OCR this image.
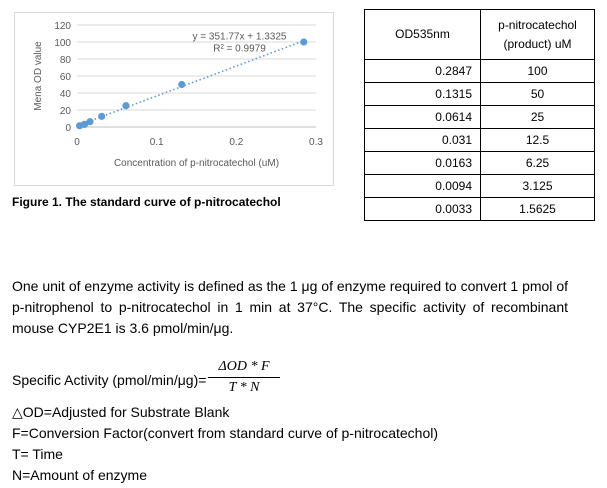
0
20
40
60
80
100
120
0	0.1	0.2	0.3
Concentration of p-nitrocatechol (uM)
Mena OD value
y = 351.77x + 1.3325
R² = 0.9979
Figure 1. The standard curve of p-nitrocatechol
OD535nm	p-nitrocatechol
(product) uM
0.2847	100
0.1315	50
0.0614	25
0.031	12.5
0.0163	6.25
0.0094	3.125
0.0033	1.5625

One unit of enzyme activity is defined as the 1 μg of enzyme required to convert 1 pmol of p-nitrophenol to p-nitrocatechol in 1 min at 37°C. The specific activity of recombinant mouse CYP2E1 is 3.6 pmol/min/μg.

Specific Activity (pmol/min/μg)=
ΔOD * F
T * N
△OD=Adjusted for Substrate Blank
F=Conversion Factor(convert from standard curve of p-nitrocatechol)
T= Time
N=Amount of enzyme
